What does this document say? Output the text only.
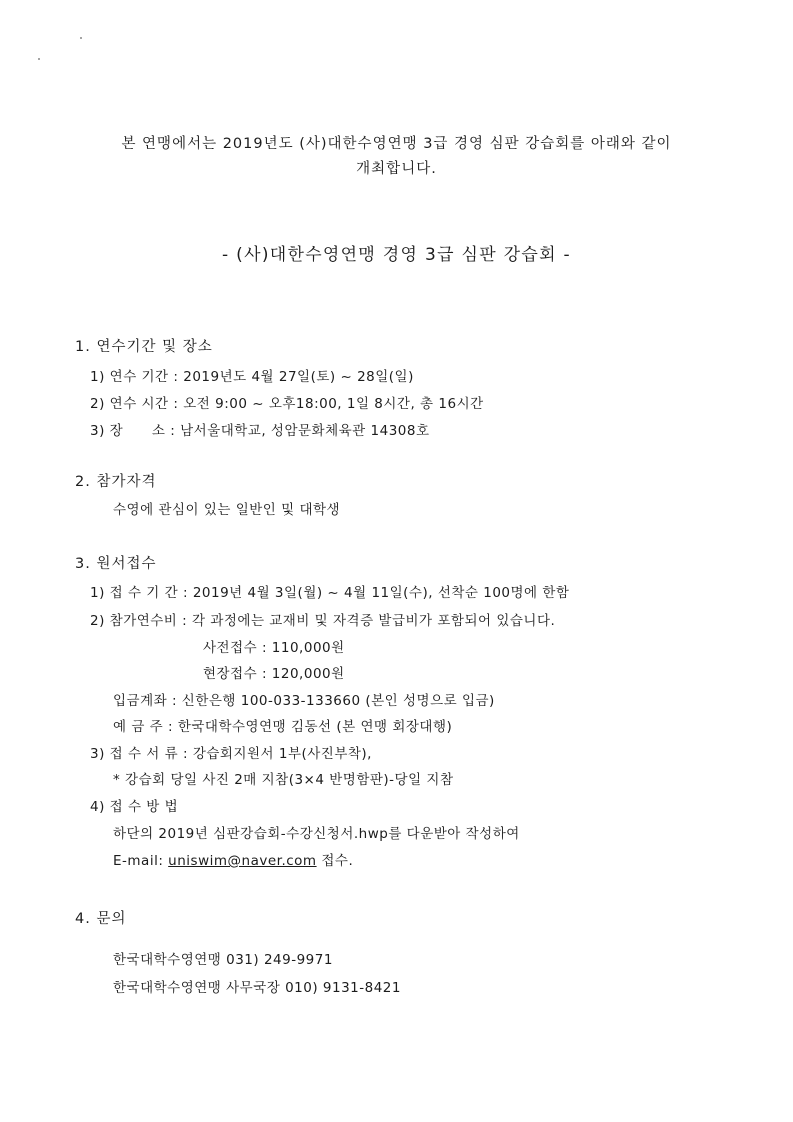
본 연맹에서는 2019년도 (사)대한수영연맹 3급 경영 심판 강습회를 아래와 같이
개최합니다.
- (사)대한수영연맹 경영 3급 심판 강습회 -
1. 연수기간 및 장소
1) 연수 기간 : 2019년도 4월 27일(토) ~ 28일(일)
2) 연수 시간 : 오전 9:00 ~ 오후18:00, 1일 8시간, 총 16시간
3) 장      소 : 남서울대학교, 성암문화체육관 14308호
2. 참가자격
수영에 관심이 있는 일반인 및 대학생
3. 원서접수
1) 접 수 기 간 : 2019년 4월 3일(월) ~ 4월 11일(수), 선착순 100명에 한함
2) 참가연수비 : 각 과정에는 교재비 및 자격증 발급비가 포함되어 있습니다.
사전접수 : 110,000원
현장접수 : 120,000원
입금계좌 : 신한은행 100-033-133660 (본인 성명으로 입금)
예 금 주 : 한국대학수영연맹 김동선 (본 연맹 회장대행)
3) 접 수 서 류 : 강습회지원서 1부(사진부착),
* 강습회 당일 사진 2매 지참(3×4 반명함판)-당일 지참
4) 접 수 방 법
하단의 2019년 심판강습회-수강신청서.hwp를 다운받아 작성하여
E-mail: uniswim@naver.com 접수.
4. 문의
한국대학수영연맹 031) 249-9971
한국대학수영연맹 사무국장 010) 9131-8421
